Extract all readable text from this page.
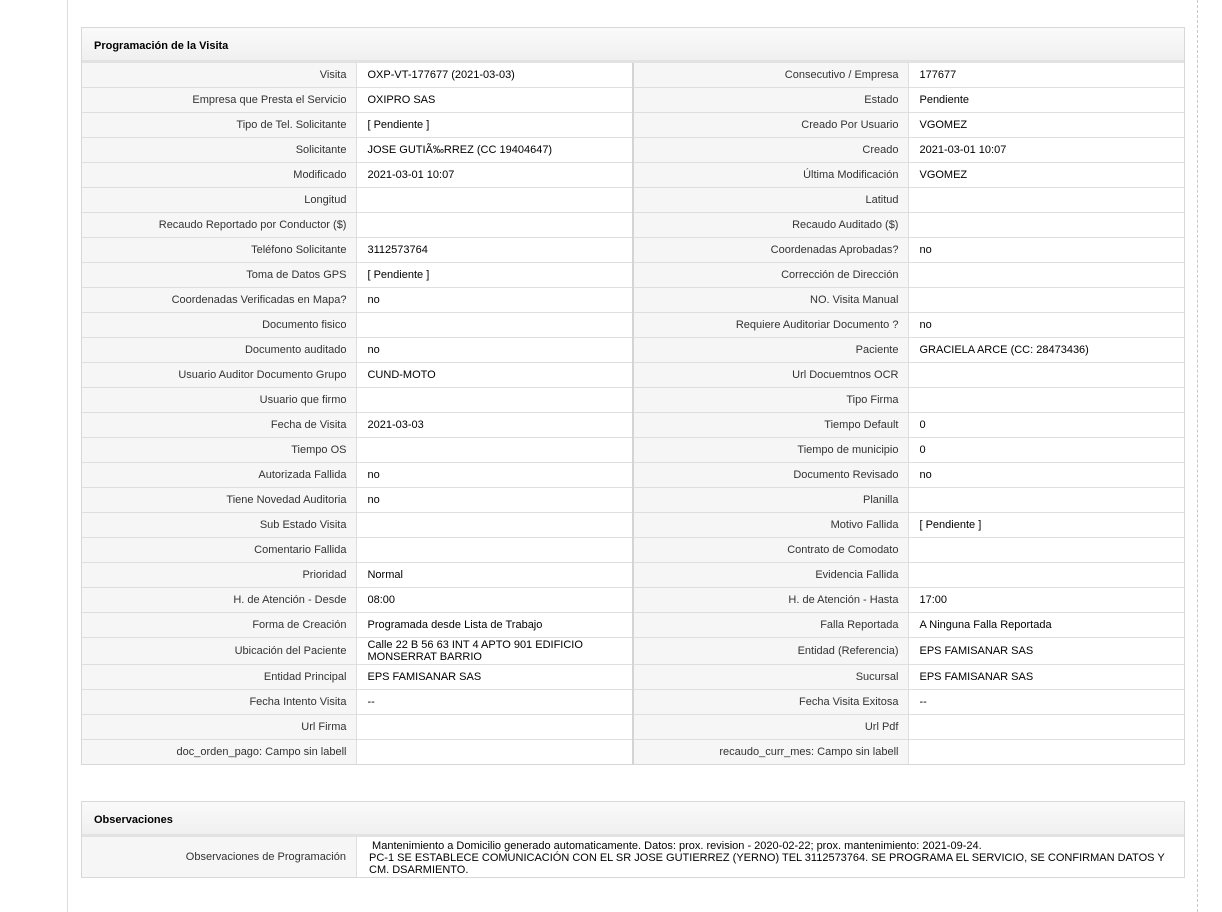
Programación de la Visita
Visita	OXP-VT-177677 (2021-03-03)	Consecutivo / Empresa	177677
Empresa que Presta el Servicio	OXIPRO SAS	Estado	Pendiente
Tipo de Tel. Solicitante	[ Pendiente ]	Creado Por Usuario	VGOMEZ
Solicitante	JOSE GUTIÃ‰RREZ (CC 19404647)	Creado	2021-03-01 10:07
Modificado	2021-03-01 10:07	Última Modificación	VGOMEZ
Longitud		Latitud	
Recaudo Reportado por Conductor ($)		Recaudo Auditado ($)	
Teléfono Solicitante	3112573764	Coordenadas Aprobadas?	no
Toma de Datos GPS	[ Pendiente ]	Corrección de Dirección	
Coordenadas Verificadas en Mapa?	no	NO. Visita Manual	
Documento fisico		Requiere Auditoriar Documento ?	no
Documento auditado	no	Paciente	GRACIELA ARCE (CC: 28473436)
Usuario Auditor Documento Grupo	CUND-MOTO	Url Docuemtnos OCR	
Usuario que firmo		Tipo Firma	
Fecha de Visita	2021-03-03	Tiempo Default	0
Tiempo OS		Tiempo de municipio	0
Autorizada Fallida	no	Documento Revisado	no
Tiene Novedad Auditoria	no	Planilla	
Sub Estado Visita		Motivo Fallida	[ Pendiente ]
Comentario Fallida		Contrato de Comodato	
Prioridad	Normal	Evidencia Fallida	
H. de Atención - Desde	08:00	H. de Atención - Hasta	17:00
Forma de Creación	Programada desde Lista de Trabajo	Falla Reportada	A Ninguna Falla Reportada
Ubicación del Paciente	Calle 22 B 56 63 INT 4 APTO 901 EDIFICIO MONSERRAT BARRIO	Entidad (Referencia)	EPS FAMISANAR SAS
Entidad Principal	EPS FAMISANAR SAS	Sucursal	EPS FAMISANAR SAS
Fecha Intento Visita	--	Fecha Visita Exitosa	--
Url Firma		Url Pdf	
doc_orden_pago: Campo sin labell		recaudo_curr_mes: Campo sin labell	
Observaciones
Observaciones de Programación	
Mantenimiento a Domicilio generado automaticamente. Datos: prox. revision - 2020-02-22; prox. mantenimiento: 2021-09-24.
PC-1 SE ESTABLECE COMUNICACIÓN CON EL SR JOSE GUTIERREZ (YERNO) TEL 3112573764. SE PROGRAMA EL SERVICIO, SE CONFIRMAN DATOS Y CM. DSARMIENTO.
